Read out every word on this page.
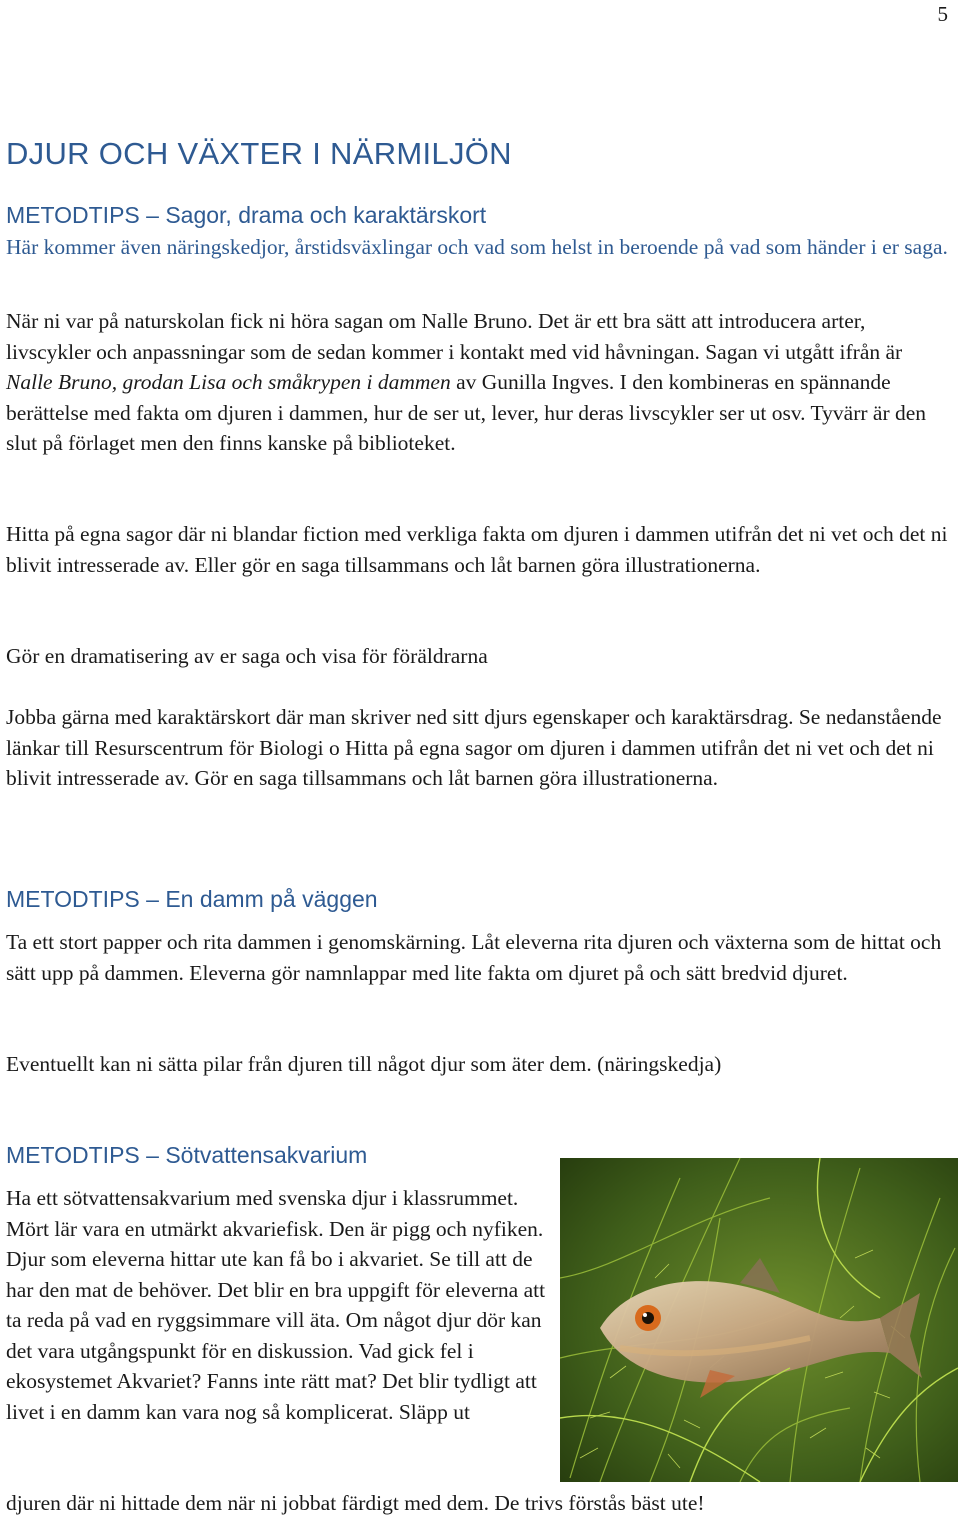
5
DJUR OCH VÄXTER I NÄRMILJÖN
METODTIPS – Sagor, drama och karaktärskort

Här kommer även näringskedjor, årstidsväxlingar och vad som helst in beroende på vad som händer i er saga.

När ni var på naturskolan fick ni höra sagan om Nalle Bruno. Det är ett bra sätt att introducera arter, livscykler och anpassningar som de sedan kommer i kontakt med vid håvningan. Sagan vi utgått ifrån är Nalle Bruno, grodan Lisa och småkrypen i dammen av Gunilla Ingves. I den kombineras en spännande berättelse med fakta om djuren i dammen, hur de ser ut, lever, hur deras livscykler ser ut osv. Tyvärr är den slut på förlaget men den finns kanske på biblioteket.

Hitta på egna sagor där ni blandar fiction med verkliga fakta om djuren i dammen utifrån det ni vet och det ni blivit intresserade av. Eller gör en saga tillsammans och låt barnen göra illustrationerna.

Gör en dramatisering av er saga och visa för föräldrarna

Jobba gärna med karaktärskort där man skriver ned sitt djurs egenskaper och karaktärsdrag. Se nedanstående länkar till Resurscentrum för Biologi o Hitta på egna sagor om djuren i dammen utifrån det ni vet och det ni blivit intresserade av. Gör en saga tillsammans och låt barnen göra illustrationerna.

METODTIPS – En damm på väggen

Ta ett stort papper och rita dammen i genomskärning. Låt eleverna rita djuren och växterna som de hittat och sätt upp på dammen. Eleverna gör namnlappar med lite fakta om djuret på och sätt bredvid djuret.

Eventuellt kan ni sätta pilar från djuren till något djur som äter dem. (näringskedja)

METODTIPS – Sötvattensakvarium

Ha ett sötvattensakvarium med svenska djur i klassrummet. Mört lär vara en utmärkt akvariefisk. Den är pigg och nyfiken. Djur som eleverna hittar ute kan få bo i akvariet. Se till att de har den mat de behöver. Det blir en bra uppgift för eleverna att ta reda på vad en ryggsimmare vill äta. Om något djur dör kan det vara utgångspunkt för en diskussion. Vad gick fel i ekosystemet Akvariet? Fanns inte rätt mat? Det blir tydligt att livet i en damm kan vara nog så komplicerat. Släpp ut

djuren där ni hittade dem när ni jobbat färdigt med dem. De trivs förstås bäst ute!
